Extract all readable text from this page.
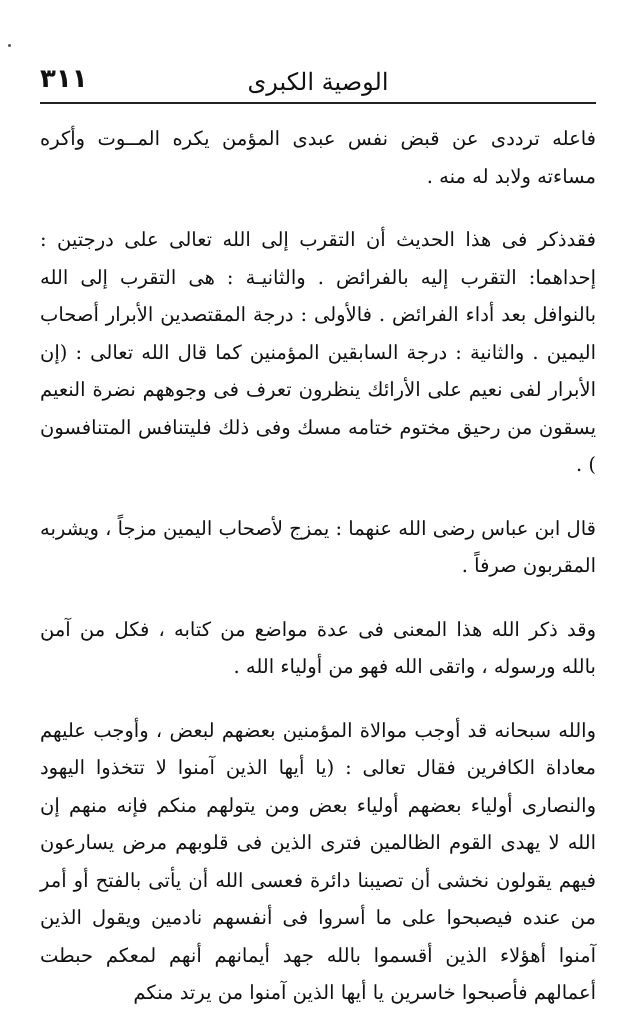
٣١١	الوصية الكبرى

فاعله ترددى عن قبض نفس عبدى المؤمن يكره المــوت وأكره مساءته ولابد له منه .

فقدذكر فى هذا الحديث أن التقرب إلى الله تعالى على درجتين : إحداهما: التقرب إليه بالفرائض . والثانيـة : هى التقرب إلى الله بالنوافل بعد أداء الفرائض . فالأولى : درجة المقتصدين الأبرار أصحاب اليمين . والثانية : درجة السابقين المؤمنين كما قال الله تعالى : (إن الأبرار لفى نعيم على الأرائك ينظرون تعرف فى وجوههم نضرة النعيم يسقون من رحيق مختوم ختامه مسك وفى ذلك فليتنافس المتنافسون ) .

قال ابن عباس رضى الله عنهما : يمزج لأصحاب اليمين مزجاً ، ويشربه المقربون صرفاً .

وقد ذكر الله هذا المعنى فى عدة مواضع من كتابه ، فكل من آمن بالله ورسوله ، واتقى الله فهو من أولياء الله .

والله سبحانه قد أوجب موالاة المؤمنين بعضهم لبعض ، وأوجب عليهم معاداة الكافرين فقال تعالى : (يا أيها الذين آمنوا لا تتخذوا اليهود والنصارى أولياء بعضهم أولياء بعض ومن يتولهم منكم فإنه منهم إن الله لا يهدى القوم الظالمين فترى الذين فى قلوبهم مرض يسارعون فيهم يقولون نخشى أن تصيبنا دائرة فعسى الله أن يأتى بالفتح أو أمر من عنده فيصبحوا على ما أسروا فى أنفسهم نادمين ويقول الذين آمنوا أهؤلاء الذين أقسموا بالله جهد أيمانهم أنهم لمعكم حبطت أعمالهم فأصبحوا خاسرين يا أيها الذين آمنوا من يرتد منكم
